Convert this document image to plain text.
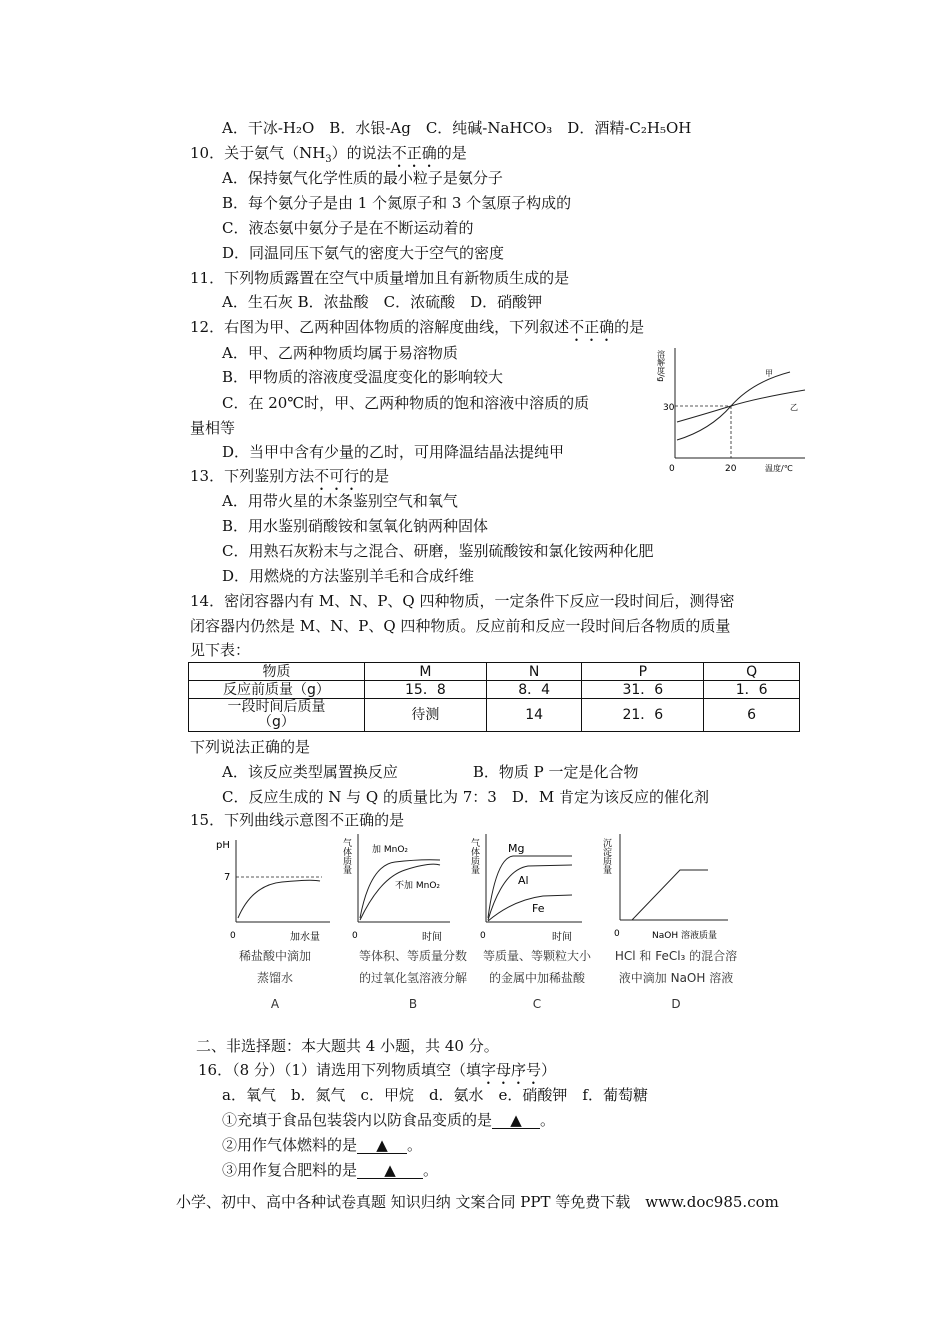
A．干冰-H₂O　B．水银-Ag　C．纯碱-NaHCO₃　D．酒精-C₂H₅OH
10．关于氨气$(NH_3)$的说法不正确的是
A．保持氨气化学性质的最小粒子是氨分子
B．每个氨分子是由 1 个氮原子和 3 个氢原子构成的
C．液态氨中氨分子是在不断运动着的
D．同温同压下氨气的密度大于空气的密度
11．下列物质露置在空气中质量增加且有新物质生成的是
A．生石灰 B．浓盐酸　C．浓硫酸　D．硝酸钾
12．右图为甲、乙两种固体物质的溶解度曲线，下列叙述不正确的是
A．甲、乙两种物质均属于易溶物质
B．甲物质的溶液度受温度变化的影响较大
C．在 20℃时，甲、乙两种物质的饱和溶液中溶质的质
量相等
D．当甲中含有少量的乙时，可用降温结晶法提纯甲
溶解度/g
30
0	20	温度/℃
甲
乙
13．下列鉴别方法不可行的是
A．用带火星的木条鉴别空气和氧气
B．用水鉴别硝酸铵和氢氧化钠两种固体
C．用熟石灰粉末与之混合、研磨，鉴别硫酸铵和氯化铵两种化肥
D．用燃烧的方法鉴别羊毛和合成纤维
14．密闭容器内有 M、N、P、Q 四种物质，一定条件下反应一段时间后，测得密
闭容器内仍然是 M、N、P、Q 四种物质。反应前和反应一段时间后各物质的质量
见下表：
物质	M	N	P	Q
反应前质量（g）	15．8	8．4	31．6	1．6
一段时间后质量
（g）	待测	14	21．6	6
下列说法正确的是
A．该反应类型属置换反应　　　　　B．物质 P 一定是化合物
C．反应生成的 N 与 Q 的质量比为 7：3　D．M 肯定为该反应的催化剂
15．下列曲线示意图不正确的是
pH
7
0	加水量
稀盐酸中滴加
蒸馏水
A
气体质量 加 MnO₂
不加 MnO₂
0	时间
等体积、等质量分数
的过氧化氢溶液分解
B
气体质量	Mg
Al
Fe
0	时间
等质量、等颗粒大小
的金属中加稀盐酸
C
沉淀质量
0	NaOH 溶液质量
HCl 和 FeCl₃ 的混合溶
液中滴加 NaOH 溶液
D
二、非选择题：本大题共 4 小题，共 40 分。
16．（8 分）（1）请选用下列物质填空（填字母序号）
a．氧气　b．氮气　c．甲烷　d．氨水　e．硝酸钾　f．葡萄糖
①充填于食品包装袋内以防食品变质的是 ▲ 。
②用作气体燃料的是 ▲ 。
③用作复合肥料的是 ▲ 。
小学、初中、高中各种试卷真题 知识归纳 文案合同 PPT 等免费下载　www.doc985.com
